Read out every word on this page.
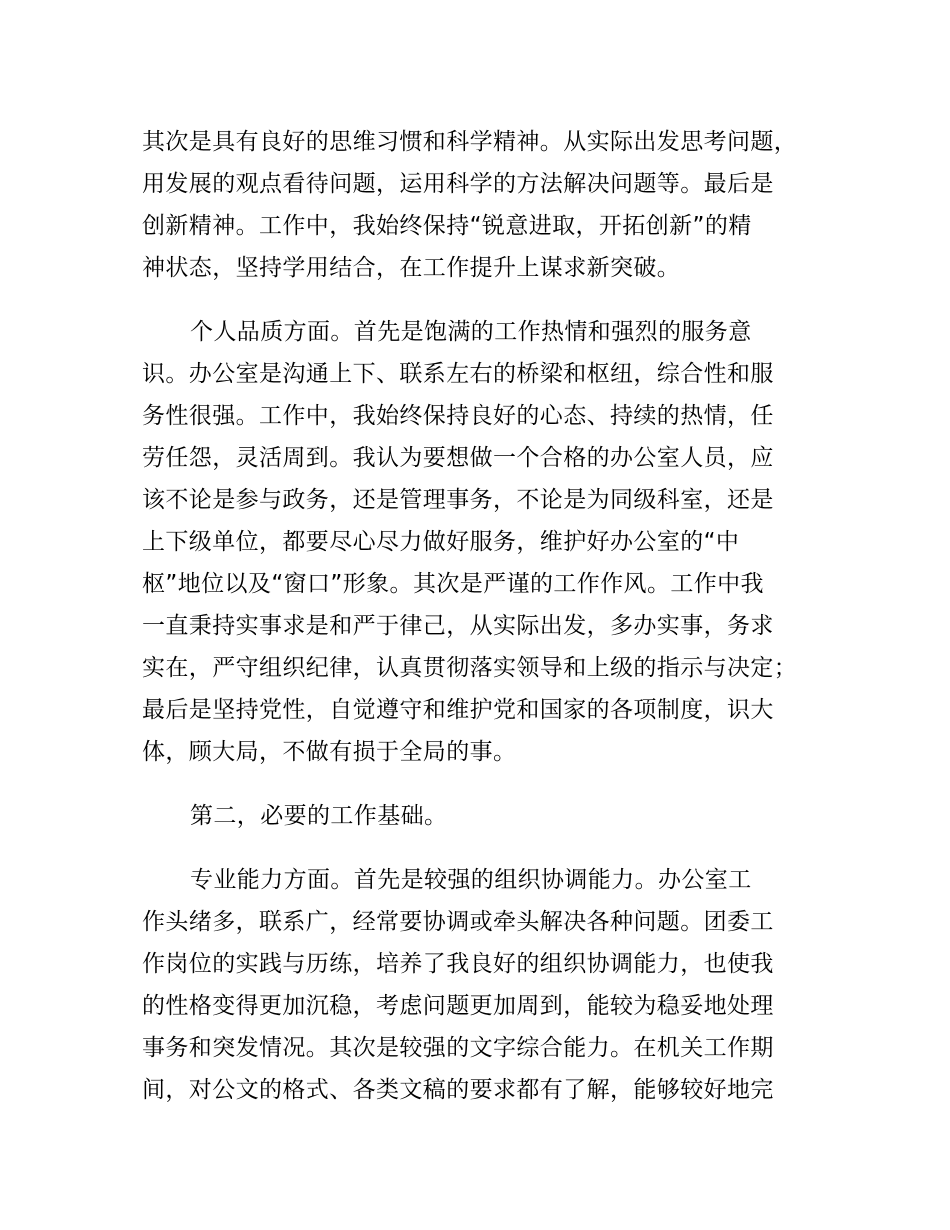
其次是具有良好的思维习惯和科学精神。从实际出发思考问题，
用发展的观点看待问题，运用科学的方法解决问题等。最后是
创新精神。工作中，我始终保持“锐意进取，开拓创新”的精
神状态，坚持学用结合，在工作提升上谋求新突破。
个人品质方面。首先是饱满的工作热情和强烈的服务意
识。办公室是沟通上下、联系左右的桥梁和枢纽，综合性和服
务性很强。工作中，我始终保持良好的心态、持续的热情，任
劳任怨，灵活周到。我认为要想做一个合格的办公室人员，应
该不论是参与政务，还是管理事务，不论是为同级科室，还是
上下级单位，都要尽心尽力做好服务，维护好办公室的“中
枢”地位以及“窗口”形象。其次是严谨的工作作风。工作中我
一直秉持实事求是和严于律己，从实际出发，多办实事，务求
实在，严守组织纪律，认真贯彻落实领导和上级的指示与决定；
最后是坚持党性，自觉遵守和维护党和国家的各项制度，识大
体，顾大局，不做有损于全局的事。
第二，必要的工作基础。
专业能力方面。首先是较强的组织协调能力。办公室工
作头绪多，联系广，经常要协调或牵头解决各种问题。团委工
作岗位的实践与历练，培养了我良好的组织协调能力，也使我
的性格变得更加沉稳，考虑问题更加周到，能较为稳妥地处理
事务和突发情况。其次是较强的文字综合能力。在机关工作期
间，对公文的格式、各类文稿的要求都有了解，能够较好地完
